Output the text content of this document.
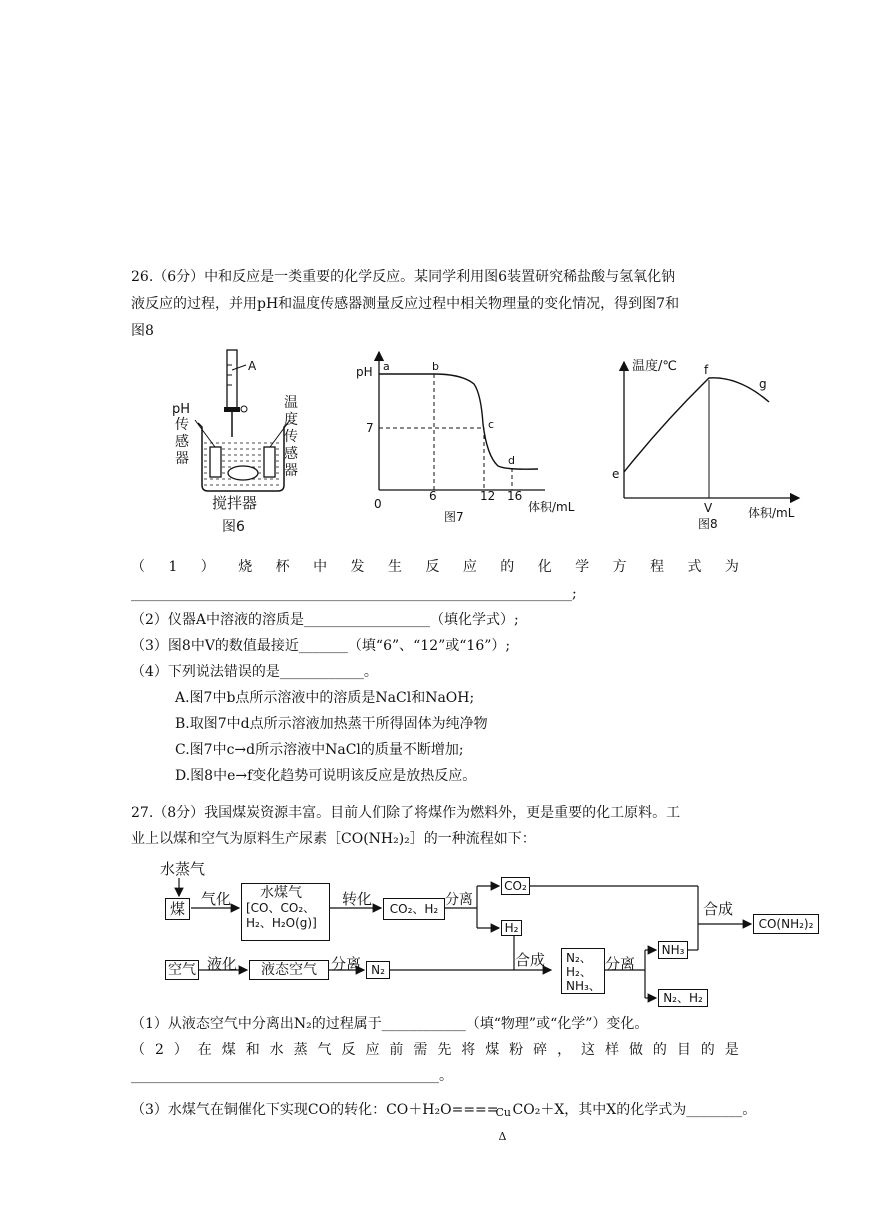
26.（6分）中和反应是一类重要的化学反应。某同学利用图6装置研究稀盐酸与氢氧化钠
液反应的过程，并用pH和温度传感器测量反应过程中相关物理量的变化情况，得到图7和
图8
A
pH
传
感
器
温
度
传
感
器
搅拌器
图6
pH
7
0
6	12 16
体积/mL
a	b
c
d
图7
温度/℃
体积/mL
V
e
f
g
图8
（ 1 ） 烧 杯 中 发 生 反 应 的 化 学 方 程 式 为
_______________________________________________________________;
（2）仪器A中溶液的溶质是__________________（填化学式）;
（3）图8中V的数值最接近_______（填“6”、“12”或“16”）;
（4）下列说法错误的是____________。
A.图7中b点所示溶液中的溶质是NaCl和NaOH;
B.取图7中d点所示溶液加热蒸干所得固体为纯净物
C.图7中c→d所示溶液中NaCl的质量不断增加;
D.图8中e→f变化趋势可说明该反应是放热反应。
27.（8分）我国煤炭资源丰富。目前人们除了将煤作为燃料外，更是重要的化工原料。工
业上以煤和空气为原料生产尿素［CO(NH₂)₂］的一种流程如下：
水蒸气
煤
气化	水煤气
[CO、CO₂、
H₂、H₂O(g)]
转化
CO₂、H₂
分离
CO₂
H₂
合成
CO(NH₂)₂
空气 液化	液态空气 分离 N₂
合成 N₂、
H₂、
NH₃、
分离
NH₃
N₂、H₂
（1）从液态空气中分离出N₂的过程属于____________（填“物理”或“化学”）变化。
（ 2 ） 在 煤 和 水 蒸 气 反 应 前 需 先 将 煤 粉 碎 ， 这 样 做 的 目 的 是
____________________________________________。
（3）水煤气在铜催化下实现CO的转化：CO＋H₂O====
Cu
Δ
CO₂＋X，其中X的化学式为________。
